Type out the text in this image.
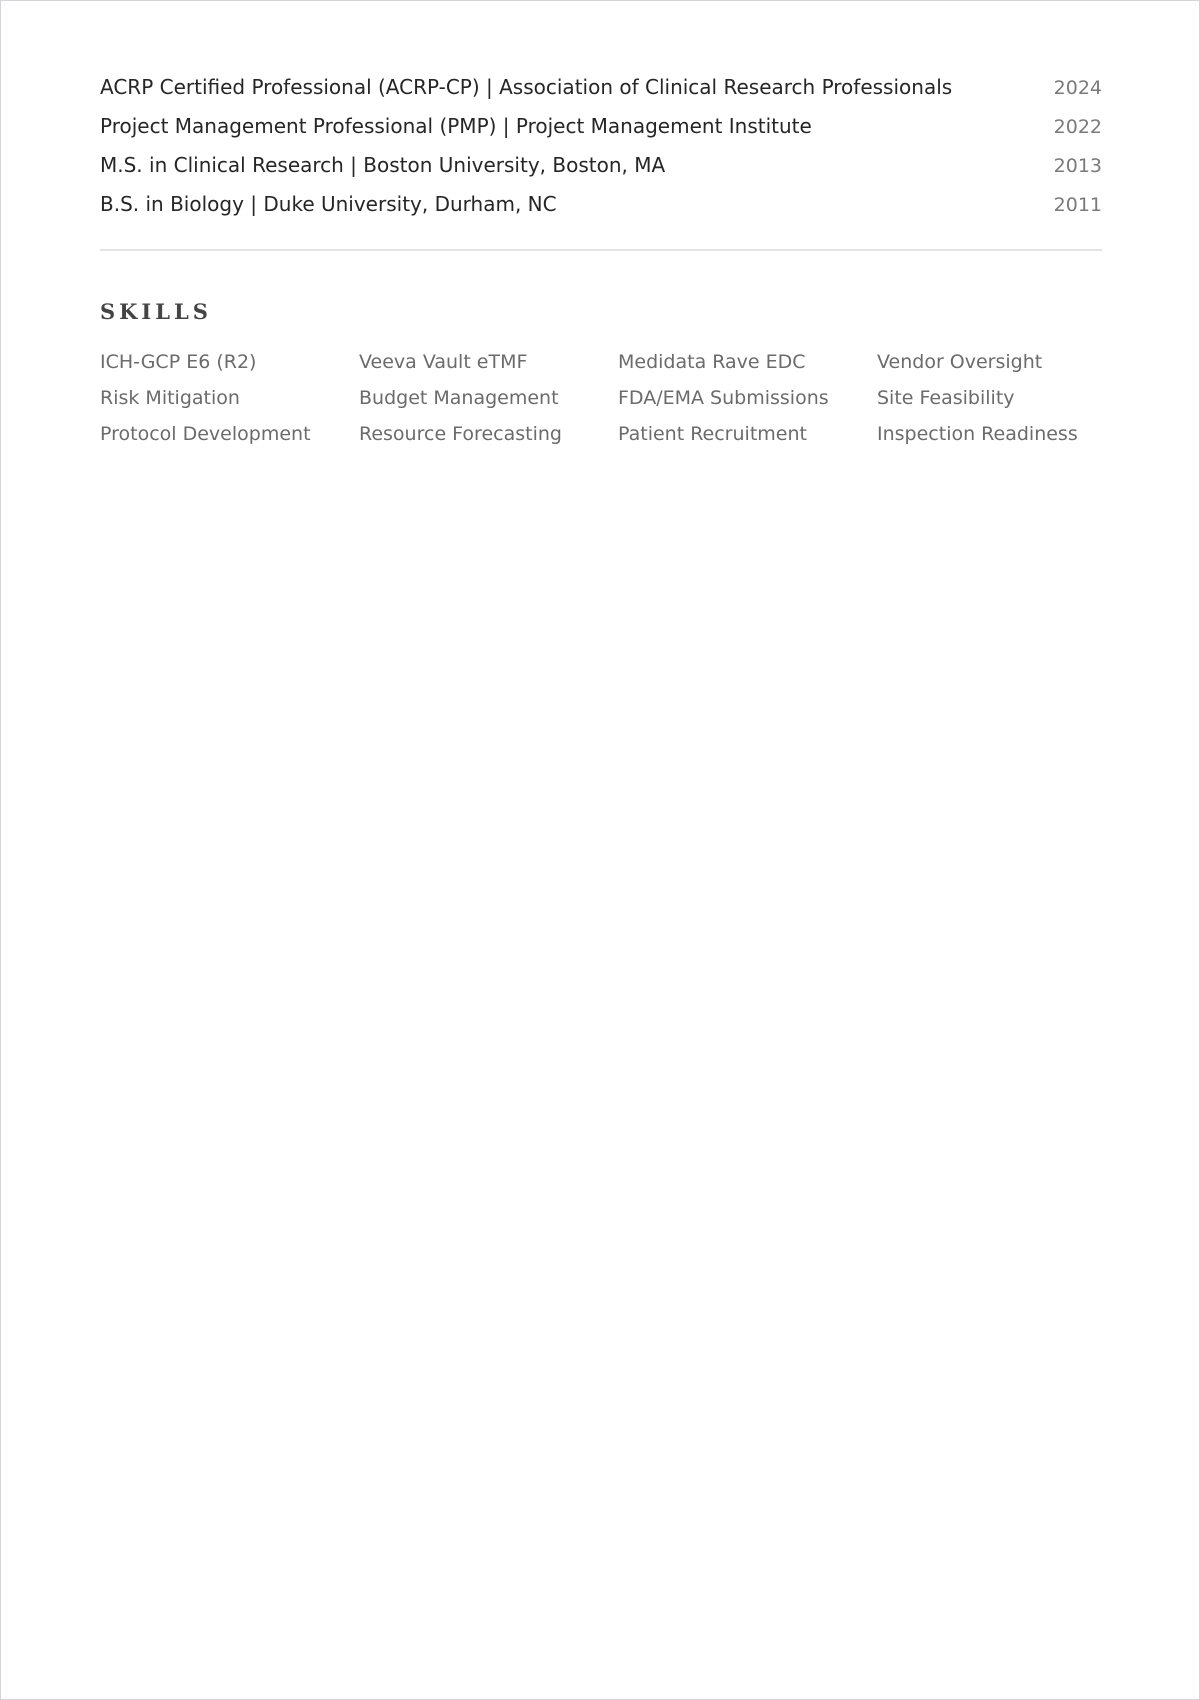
ACRP Certified Professional (ACRP-CP) | Association of Clinical Research Professionals	2024
Project Management Professional (PMP) | Project Management Institute	2022
M.S. in Clinical Research | Boston University, Boston, MA	2013
B.S. in Biology | Duke University, Durham, NC	2011
SKILLS
ICH-GCP E6 (R2)	Veeva Vault eTMF	Medidata Rave EDC	Vendor Oversight
Risk Mitigation	Budget Management	FDA/EMA Submissions	Site Feasibility
Protocol Development	Resource Forecasting	Patient Recruitment	Inspection Readiness
